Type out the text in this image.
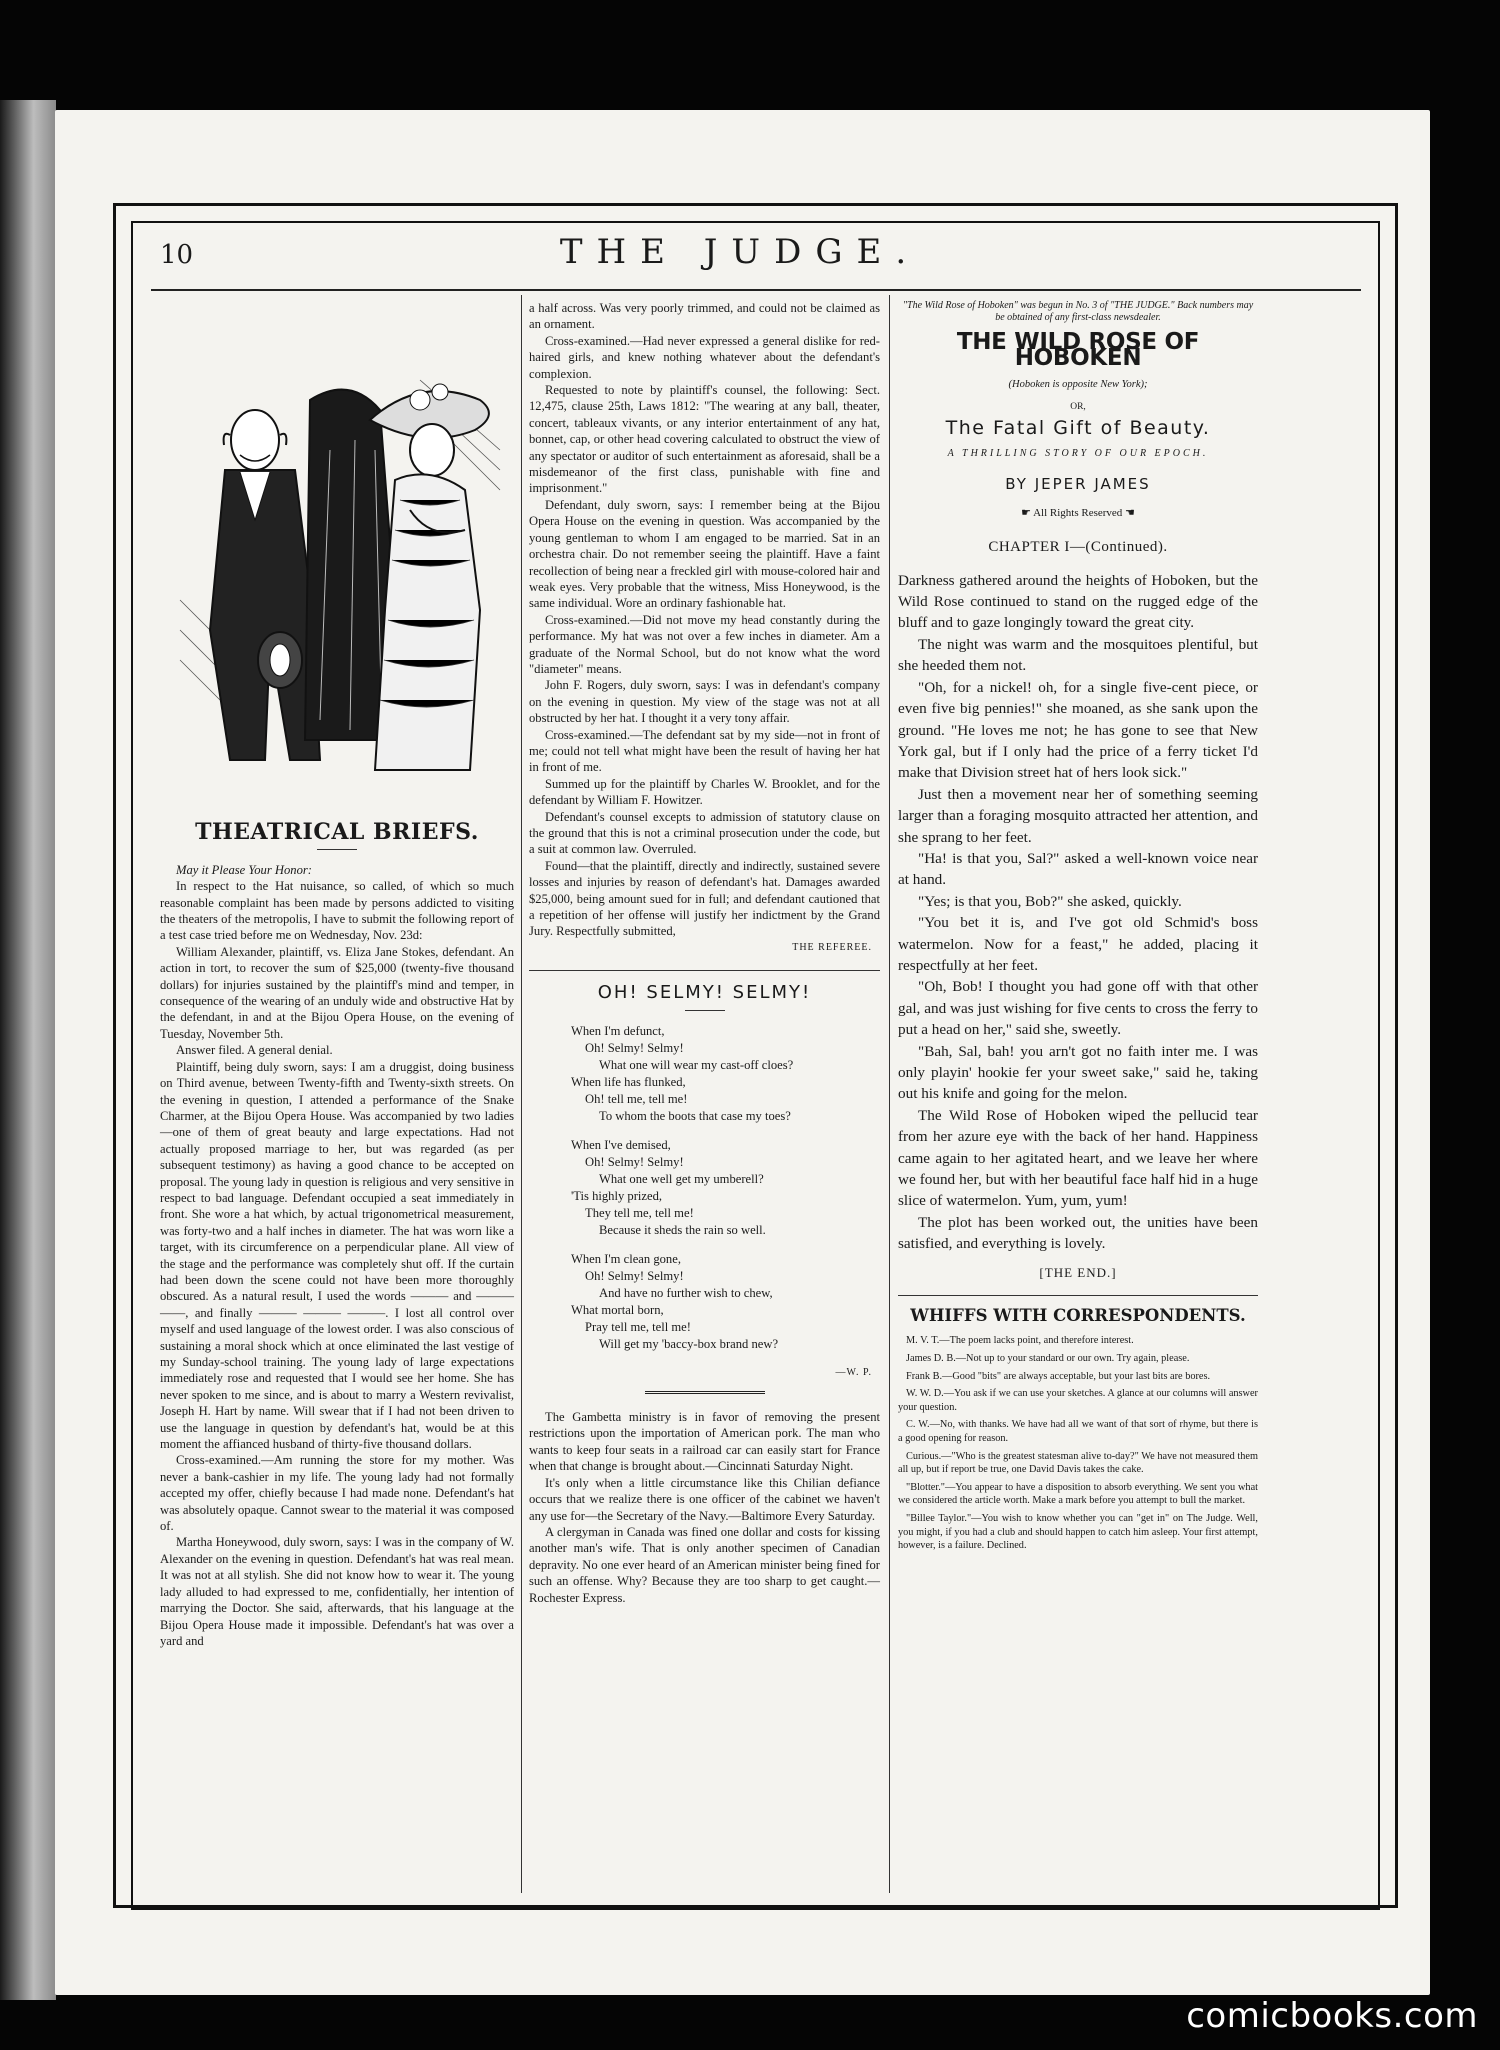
10	THE JUDGE.
THEATRICAL BRIEFS.

May it Please Your Honor:

In respect to the Hat nuisance, so called, of which so much reasonable complaint has been made by persons addicted to visiting the theaters of the metropolis, I have to submit the following report of a test case tried before me on Wednesday, Nov. 23d:

William Alexander, plaintiff, vs. Eliza Jane Stokes, defendant. An action in tort, to recover the sum of $25,000 (twenty-five thousand dollars) for injuries sustained by the plaintiff's mind and temper, in consequence of the wearing of an unduly wide and obstructive Hat by the defendant, in and at the Bijou Opera House, on the evening of Tuesday, November 5th.

Answer filed. A general denial.

Plaintiff, being duly sworn, says: I am a druggist, doing business on Third avenue, between Twenty-fifth and Twenty-sixth streets. On the evening in question, I attended a performance of the Snake Charmer, at the Bijou Opera House. Was accompanied by two ladies—one of them of great beauty and large expectations. Had not actually proposed marriage to her, but was regarded (as per subsequent testimony) as having a good chance to be accepted on proposal. The young lady in question is religious and very sensitive in respect to bad language. Defendant occupied a seat immediately in front. She wore a hat which, by actual trigonometrical measurement, was forty-two and a half inches in diameter. The hat was worn like a target, with its circumference on a perpendicular plane. All view of the stage and the performance was completely shut off. If the curtain had been down the scene could not have been more thoroughly obscured. As a natural result, I used the words ——— and ——— ——, and finally ——— ——— ———. I lost all control over myself and used language of the lowest order. I was also conscious of sustaining a moral shock which at once eliminated the last vestige of my Sunday-school training. The young lady of large expectations immediately rose and requested that I would see her home. She has never spoken to me since, and is about to marry a Western revivalist, Joseph H. Hart by name. Will swear that if I had not been driven to use the language in question by defendant's hat, would be at this moment the affianced husband of thirty-five thousand dollars.

Cross-examined.—Am running the store for my mother. Was never a bank-cashier in my life. The young lady had not formally accepted my offer, chiefly because I had made none. Defendant's hat was absolutely opaque. Cannot swear to the material it was composed of.

Martha Honeywood, duly sworn, says: I was in the company of W. Alexander on the evening in question. Defendant's hat was real mean. It was not at all stylish. She did not know how to wear it. The young lady alluded to had expressed to me, confidentially, her intention of marrying the Doctor. She said, afterwards, that his language at the Bijou Opera House made it impossible. Defendant's hat was over a yard and

a half across. Was very poorly trimmed, and could not be claimed as an ornament.

Cross-examined.—Had never expressed a general dislike for red-haired girls, and knew nothing whatever about the defendant's complexion.

Requested to note by plaintiff's counsel, the following: Sect. 12,475, clause 25th, Laws 1812: "The wearing at any ball, theater, concert, tableaux vivants, or any interior entertainment of any hat, bonnet, cap, or other head covering calculated to obstruct the view of any spectator or auditor of such entertainment as aforesaid, shall be a misdemeanor of the first class, punishable with fine and imprisonment."

Defendant, duly sworn, says: I remember being at the Bijou Opera House on the evening in question. Was accompanied by the young gentleman to whom I am engaged to be married. Sat in an orchestra chair. Do not remember seeing the plaintiff. Have a faint recollection of being near a freckled girl with mouse-colored hair and weak eyes. Very probable that the witness, Miss Honeywood, is the same individual. Wore an ordinary fashionable hat.

Cross-examined.—Did not move my head constantly during the performance. My hat was not over a few inches in diameter. Am a graduate of the Normal School, but do not know what the word "diameter" means.

John F. Rogers, duly sworn, says: I was in defendant's company on the evening in question. My view of the stage was not at all obstructed by her hat. I thought it a very tony affair.

Cross-examined.—The defendant sat by my side—not in front of me; could not tell what might have been the result of having her hat in front of me.

Summed up for the plaintiff by Charles W. Brooklet, and for the defendant by William F. Howitzer.

Defendant's counsel excepts to admission of statutory clause on the ground that this is not a criminal prosecution under the code, but a suit at common law. Overruled.

Found—that the plaintiff, directly and indirectly, sustained severe losses and injuries by reason of defendant's hat. Damages awarded $25,000, being amount sued for in full; and defendant cautioned that a repetition of her offense will justify her indictment by the Grand Jury. Respectfully submitted,

THE REFEREE.
OH! SELMY! SELMY!
When I'm defunct,
Oh! Selmy! Selmy!
What one will wear my cast-off cloes?
When life has flunked,
Oh! tell me, tell me!
To whom the boots that case my toes?
When I've demised,
Oh! Selmy! Selmy!
What one well get my umberell?
'Tis highly prized,
They tell me, tell me!
Because it sheds the rain so well.
When I'm clean gone,
Oh! Selmy! Selmy!
And have no further wish to chew,
What mortal born,
Pray tell me, tell me!
Will get my 'baccy-box brand new?
—W. P.

The Gambetta ministry is in favor of removing the present restrictions upon the importation of American pork. The man who wants to keep four seats in a railroad car can easily start for France when that change is brought about.—Cincinnati Saturday Night.

It's only when a little circumstance like this Chilian defiance occurs that we realize there is one officer of the cabinet we haven't any use for—the Secretary of the Navy.—Baltimore Every Saturday.

A clergyman in Canada was fined one dollar and costs for kissing another man's wife. That is only another specimen of Canadian depravity. No one ever heard of an American minister being fined for such an offense. Why? Because they are too sharp to get caught.—Rochester Express.

"The Wild Rose of Hoboken" was begun in No. 3 of "THE JUDGE." Back numbers may be obtained of any first-class newsdealer.
THE WILD ROSE OF HOBOKEN
(Hoboken is opposite New York);
OR,
The Fatal Gift of Beauty.
A THRILLING STORY OF OUR EPOCH.
BY JEPER JAMES
☛ All Rights Reserved ☚
CHAPTER I—(Continued).

Darkness gathered around the heights of Hoboken, but the Wild Rose continued to stand on the rugged edge of the bluff and to gaze longingly toward the great city.

The night was warm and the mosquitoes plentiful, but she heeded them not.

"Oh, for a nickel! oh, for a single five-cent piece, or even five big pennies!" she moaned, as she sank upon the ground. "He loves me not; he has gone to see that New York gal, but if I only had the price of a ferry ticket I'd make that Division street hat of hers look sick."

Just then a movement near her of something seeming larger than a foraging mosquito attracted her attention, and she sprang to her feet.

"Ha! is that you, Sal?" asked a well-known voice near at hand.

"Yes; is that you, Bob?" she asked, quickly.

"You bet it is, and I've got old Schmid's boss watermelon. Now for a feast," he added, placing it respectfully at her feet.

"Oh, Bob! I thought you had gone off with that other gal, and was just wishing for five cents to cross the ferry to put a head on her," said she, sweetly.

"Bah, Sal, bah! you arn't got no faith inter me. I was only playin' hookie fer your sweet sake," said he, taking out his knife and going for the melon.

The Wild Rose of Hoboken wiped the pellucid tear from her azure eye with the back of her hand. Happiness came again to her agitated heart, and we leave her where we found her, but with her beautiful face half hid in a huge slice of watermelon. Yum, yum, yum!

The plot has been worked out, the unities have been satisfied, and everything is lovely.

[THE END.]
WHIFFS WITH CORRESPONDENTS.

M. V. T.—The poem lacks point, and therefore interest.

James D. B.—Not up to your standard or our own. Try again, please.

Frank B.—Good "bits" are always acceptable, but your last bits are bores.

W. W. D.—You ask if we can use your sketches. A glance at our columns will answer your question.

C. W.—No, with thanks. We have had all we want of that sort of rhyme, but there is a good opening for reason.

Curious.—"Who is the greatest statesman alive to-day?" We have not measured them all up, but if report be true, one David Davis takes the cake.

"Blotter."—You appear to have a disposition to absorb everything. We sent you what we considered the article worth. Make a mark before you attempt to bull the market.

"Billee Taylor."—You wish to know whether you can "get in" on The Judge. Well, you might, if you had a club and should happen to catch him asleep. Your first attempt, however, is a failure. Declined.

comicbooks.com
